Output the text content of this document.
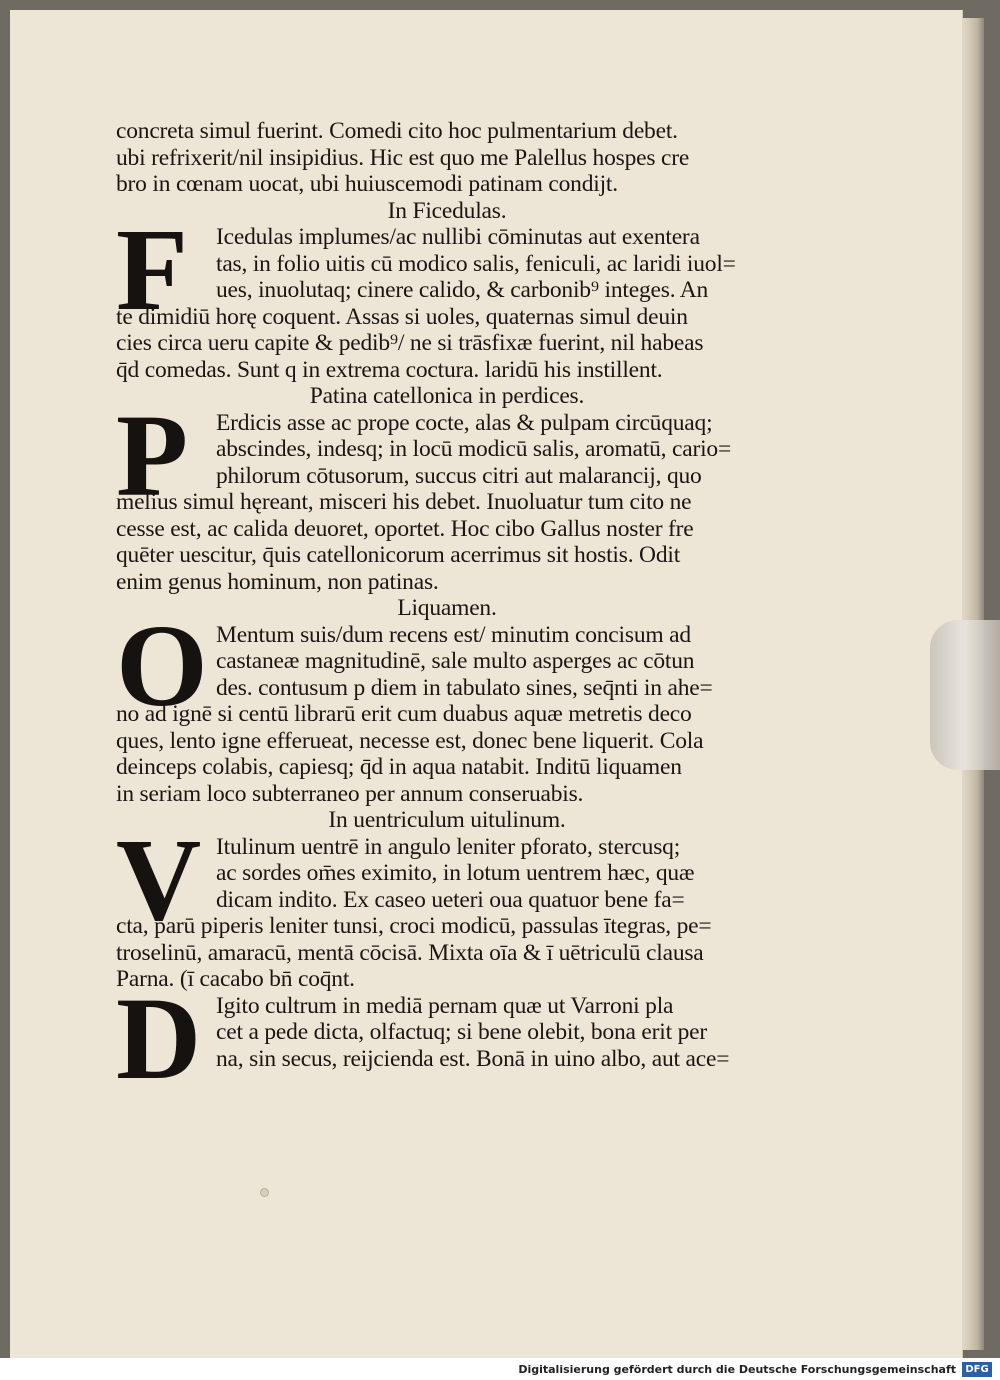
concreta simul fuerint. Comedi cito hoc pulmentarium debet.
ubi refrixerit/nil insipidius. Hic est quo me Palellus hospes cre
bro in cœnam uocat, ubi huiuscemodi patinam condijt.
In Ficedulas.
F	Icedulas implumes/ac nullibi cōminutas aut exentera
tas, in folio uitis cū modico salis, feniculi, ac laridi iuol=
ues, inuolutaq; cinere calido, & carbonib⁹ integes. An
te dimidiū horę coquent. Assas si uoles, quaternas simul deuin
cies circa ueru capite & pedib⁹/ ne si trāsfixæ fuerint, nil habeas
q̄d comedas. Sunt q in extrema coctura. laridū his instillent.
Patina catellonica in perdices.
P	Erdicis asse ac prope cocte, alas & pulpam circūquaq;
abscindes, indesq; in locū modicū salis, aromatū, cario=
philorum cōtusorum, succus citri aut malarancij, quo
melius simul hęreant, misceri his debet. Inuoluatur tum cito ne
cesse est, ac calida deuoret, oportet. Hoc cibo Gallus noster fre
quēter uescitur, q̄uis catellonicorum acerrimus sit hostis. Odit
enim genus hominum, non patinas.
Liquamen.
O Mentum suis/dum recens est/ minutim concisum ad
castaneæ magnitudinē, sale multo asperges ac cōtun
des. contusum p diem in tabulato sines, seq̄nti in ahe=
no ad ignē si centū librarū erit cum duabus aquæ metretis deco
ques, lento igne efferueat, necesse est, donec bene liquerit. Cola
deinceps colabis, capiesq; q̄d in aqua natabit. Inditū liquamen
in seriam loco subterraneo per annum conseruabis.
In uentriculum uitulinum.
V Itulinum uentrē in angulo leniter pforato, stercusq;
ac sordes om̄es eximito, in lotum uentrem hæc, quæ
dicam indito. Ex caseo ueteri oua quatuor bene fa=
cta, parū piperis leniter tunsi, croci modicū, passulas ītegras, pe=
troselinū, amaracū, mentā cōcisā. Mixta oīa & ī uētriculū clausa
Parna. (ī cacabo bn̄ coq̄nt.
D Igito cultrum in mediā pernam quæ ut Varroni pla
cet a pede dicta, olfactuq; si bene olebit, bona erit per
na, sin secus, reijcienda est. Bonā in uino albo, aut ace=
Digitalisierung gefördert durch die Deutsche Forschungsgemeinschaft DFG
